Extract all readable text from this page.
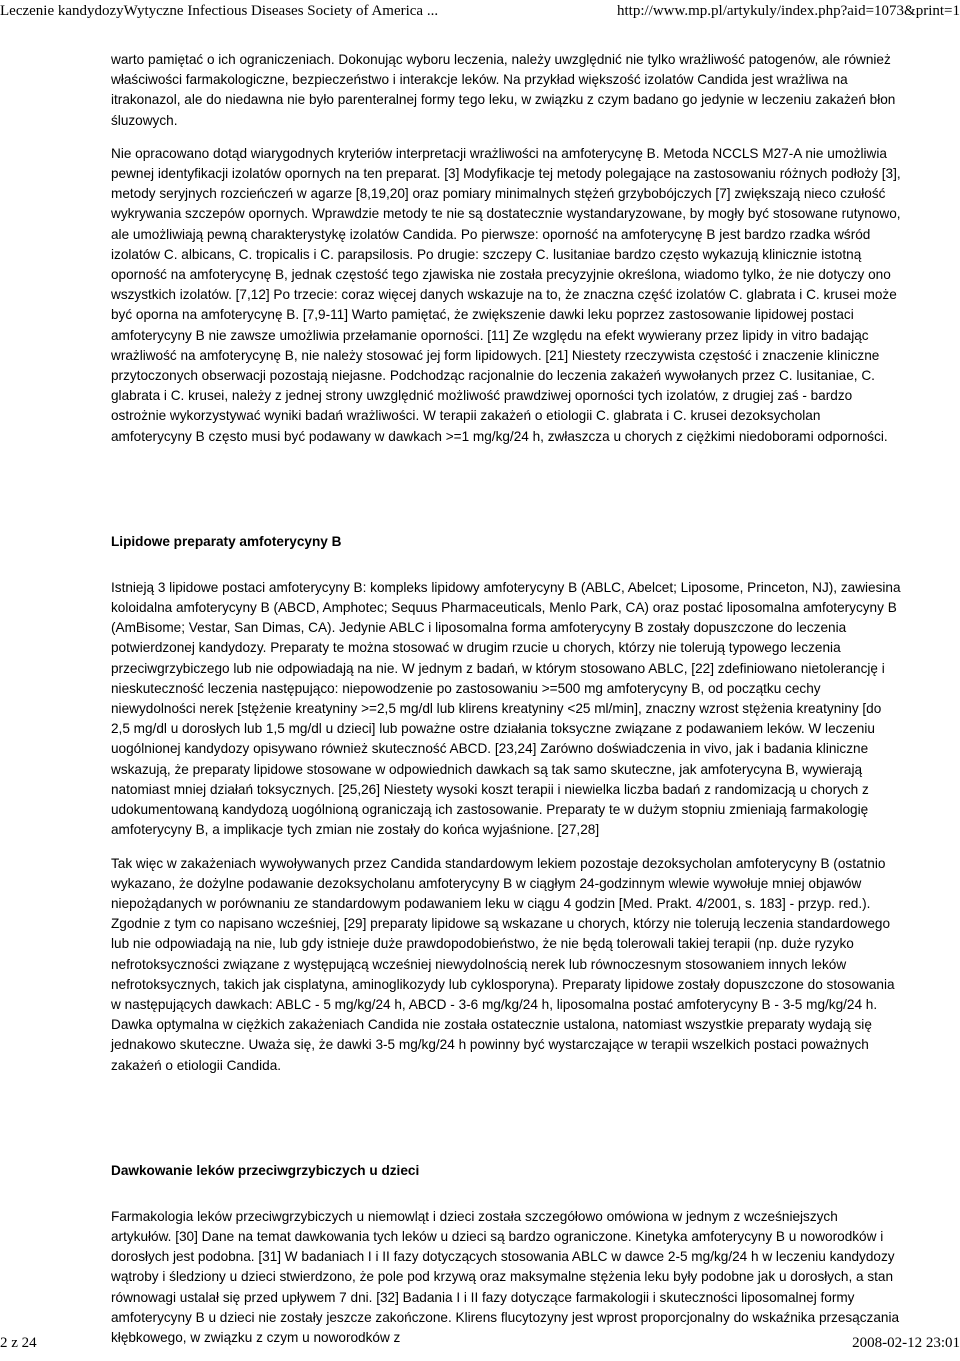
Leczenie kandydozyWytyczne Infectious Diseases Society of America ...	http://www.mp.pl/artykuly/index.php?aid=1073&print=1

warto pamiętać o ich ograniczeniach. Dokonując wyboru leczenia, należy uwzględnić nie tylko wrażliwość patogenów, ale również właściwości farmakologiczne, bezpieczeństwo i interakcje leków. Na przykład większość izolatów Candida jest wrażliwa na itrakonazol, ale do niedawna nie było parenteralnej formy tego leku, w związku z czym badano go jedynie w leczeniu zakażeń błon śluzowych.

Nie opracowano dotąd wiarygodnych kryteriów interpretacji wrażliwości na amfoterycynę B. Metoda NCCLS M27-A nie umożliwia pewnej identyfikacji izolatów opornych na ten preparat. [3] Modyfikacje tej metody polegające na zastosowaniu różnych podłoży [3], metody seryjnych rozcieńczeń w agarze [8,19,20] oraz pomiary minimalnych stężeń grzybobójczych [7] zwiększają nieco czułość wykrywania szczepów opornych. Wprawdzie metody te nie są dostatecznie wystandaryzowane, by mogły być stosowane rutynowo, ale umożliwiają pewną charakterystykę izolatów Candida. Po pierwsze: oporność na amfoterycynę B jest bardzo rzadka wśród izolatów C. albicans, C. tropicalis i C. parapsilosis. Po drugie: szczepy C. lusitaniae bardzo często wykazują klinicznie istotną oporność na amfoterycynę B, jednak częstość tego zjawiska nie została precyzyjnie określona, wiadomo tylko, że nie dotyczy ono wszystkich izolatów. [7,12] Po trzecie: coraz więcej danych wskazuje na to, że znaczna część izolatów C. glabrata i C. krusei może być oporna na amfoterycynę B. [7,9-11] Warto pamiętać, że zwiększenie dawki leku poprzez zastosowanie lipidowej postaci amfoterycyny B nie zawsze umożliwia przełamanie oporności. [11] Ze względu na efekt wywierany przez lipidy in vitro badając wrażliwość na amfoterycynę B, nie należy stosować jej form lipidowych. [21] Niestety rzeczywista częstość i znaczenie kliniczne przytoczonych obserwacji pozostają niejasne. Podchodząc racjonalnie do leczenia zakażeń wywołanych przez C. lusitaniae, C. glabrata i C. krusei, należy z jednej strony uwzględnić możliwość prawdziwej oporności tych izolatów, z drugiej zaś - bardzo ostrożnie wykorzystywać wyniki badań wrażliwości. W terapii zakażeń o etiologii C. glabrata i C. krusei dezoksycholan amfoterycyny B często musi być podawany w dawkach >=1 mg/kg/24 h, zwłaszcza u chorych z ciężkimi niedoborami odporności.

Lipidowe preparaty amfoterycyny B

Istnieją 3 lipidowe postaci amfoterycyny B: kompleks lipidowy amfoterycyny B (ABLC, Abelcet; Liposome, Princeton, NJ), zawiesina koloidalna amfoterycyny B (ABCD, Amphotec; Sequus Pharmaceuticals, Menlo Park, CA) oraz postać liposomalna amfoterycyny B (AmBisome; Vestar, San Dimas, CA). Jedynie ABLC i liposomalna forma amfoterycyny B zostały dopuszczone do leczenia potwierdzonej kandydozy. Preparaty te można stosować w drugim rzucie u chorych, którzy nie tolerują typowego leczenia przeciwgrzybiczego lub nie odpowiadają na nie. W jednym z badań, w którym stosowano ABLC, [22] zdefiniowano nietolerancję i nieskuteczność leczenia następująco: niepowodzenie po zastosowaniu >=500 mg amfoterycyny B, od początku cechy niewydolności nerek [stężenie kreatyniny >=2,5 mg/dl lub klirens kreatyniny <25 ml/min], znaczny wzrost stężenia kreatyniny [do 2,5 mg/dl u dorosłych lub 1,5 mg/dl u dzieci] lub poważne ostre działania toksyczne związane z podawaniem leków. W leczeniu uogólnionej kandydozy opisywano również skuteczność ABCD. [23,24] Zarówno doświadczenia in vivo, jak i badania kliniczne wskazują, że preparaty lipidowe stosowane w odpowiednich dawkach są tak samo skuteczne, jak amfoterycyna B, wywierają natomiast mniej działań toksycznych. [25,26] Niestety wysoki koszt terapii i niewielka liczba badań z randomizacją u chorych z udokumentowaną kandydozą uogólnioną ograniczają ich zastosowanie. Preparaty te w dużym stopniu zmieniają farmakologię amfoterycyny B, a implikacje tych zmian nie zostały do końca wyjaśnione. [27,28]

Tak więc w zakażeniach wywoływanych przez Candida standardowym lekiem pozostaje dezoksycholan amfoterycyny B (ostatnio wykazano, że dożylne podawanie dezoksycholanu amfoterycyny B w ciągłym 24-godzinnym wlewie wywołuje mniej objawów niepożądanych w porównaniu ze standardowym podawaniem leku w ciągu 4 godzin [Med. Prakt. 4/2001, s. 183] - przyp. red.). Zgodnie z tym co napisano wcześniej, [29] preparaty lipidowe są wskazane u chorych, którzy nie tolerują leczenia standardowego lub nie odpowiadają na nie, lub gdy istnieje duże prawdopodobieństwo, że nie będą tolerowali takiej terapii (np. duże ryzyko nefrotoksyczności związane z występującą wcześniej niewydolnością nerek lub równoczesnym stosowaniem innych leków nefrotoksycznych, takich jak cisplatyna, aminoglikozydy lub cyklosporyna). Preparaty lipidowe zostały dopuszczone do stosowania w następujących dawkach: ABLC - 5 mg/kg/24 h, ABCD - 3-6 mg/kg/24 h, liposomalna postać amfoterycyny B - 3-5 mg/kg/24 h. Dawka optymalna w ciężkich zakażeniach Candida nie została ostatecznie ustalona, natomiast wszystkie preparaty wydają się jednakowo skuteczne. Uważa się, że dawki 3-5 mg/kg/24 h powinny być wystarczające w terapii wszelkich postaci poważnych zakażeń o etiologii Candida.

Dawkowanie leków przeciwgrzybiczych u dzieci

Farmakologia leków przeciwgrzybiczych u niemowląt i dzieci została szczegółowo omówiona w jednym z wcześniejszych artykułów. [30] Dane na temat dawkowania tych leków u dzieci są bardzo ograniczone. Kinetyka amfoterycyny B u noworodków i dorosłych jest podobna. [31] W badaniach I i II fazy dotyczących stosowania ABLC w dawce 2-5 mg/kg/24 h w leczeniu kandydozy wątroby i śledziony u dzieci stwierdzono, że pole pod krzywą oraz maksymalne stężenia leku były podobne jak u dorosłych, a stan równowagi ustalał się przed upływem 7 dni. [32] Badania I i II fazy dotyczące farmakologii i skuteczności liposomalnej formy amfoterycyny B u dzieci nie zostały jeszcze zakończone. Klirens flucytozyny jest wprost proporcjonalny do wskaźnika przesączania kłębkowego, w związku z czym u noworodków z

2 z 24	2008-02-12 23:01
